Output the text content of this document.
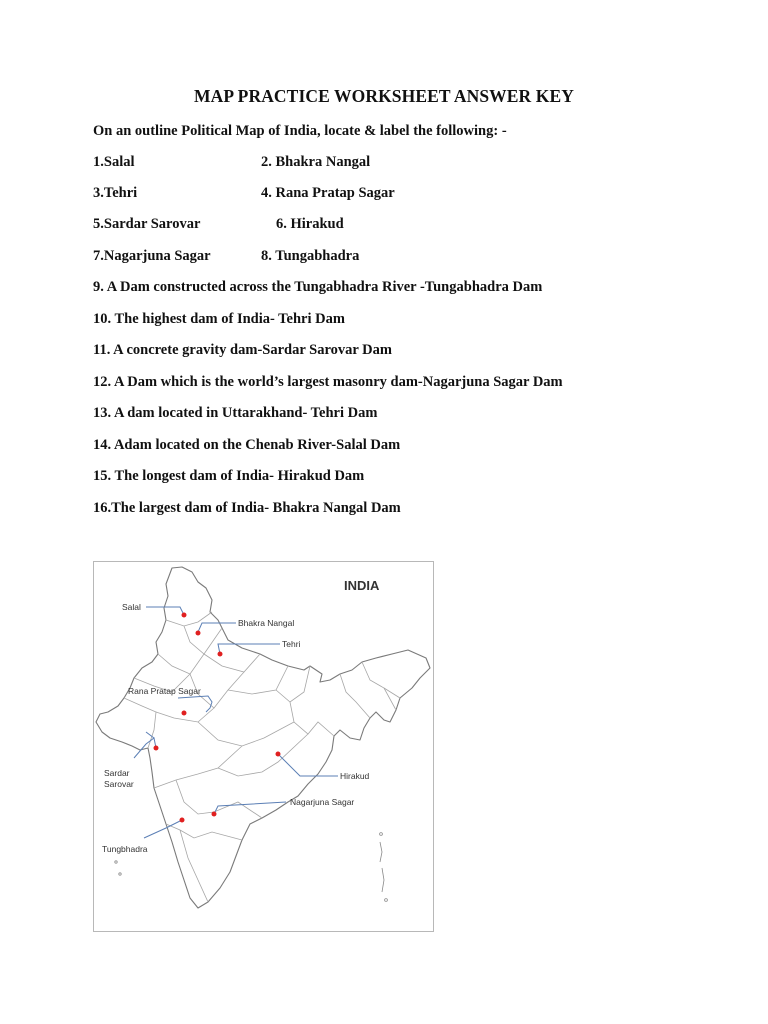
MAP PRACTICE WORKSHEET ANSWER KEY
On an outline Political Map of India, locate & label the following: -
1.Salal	2. Bhakra Nangal
3.Tehri	4. Rana Pratap Sagar
5.Sardar Sarovar	6. Hirakud
7.Nagarjuna Sagar	8. Tungabhadra
9. A Dam constructed across the Tungabhadra River -Tungabhadra Dam
10. The highest dam of India- Tehri Dam
11. A concrete gravity dam-Sardar Sarovar Dam
12. A Dam which is the world’s largest masonry dam-Nagarjuna Sagar Dam
13. A dam located in Uttarakhand- Tehri Dam
14. Adam located on the Chenab River-Salal Dam
15. The longest dam of India- Hirakud Dam
16.The largest dam of India- Bhakra Nangal Dam
INDIA
Salal
Bhakra Nangal
Tehri
Rana Pratap Sagar
Sardar
Sarovar
Hirakud
Nagarjuna Sagar
Tungbhadra
